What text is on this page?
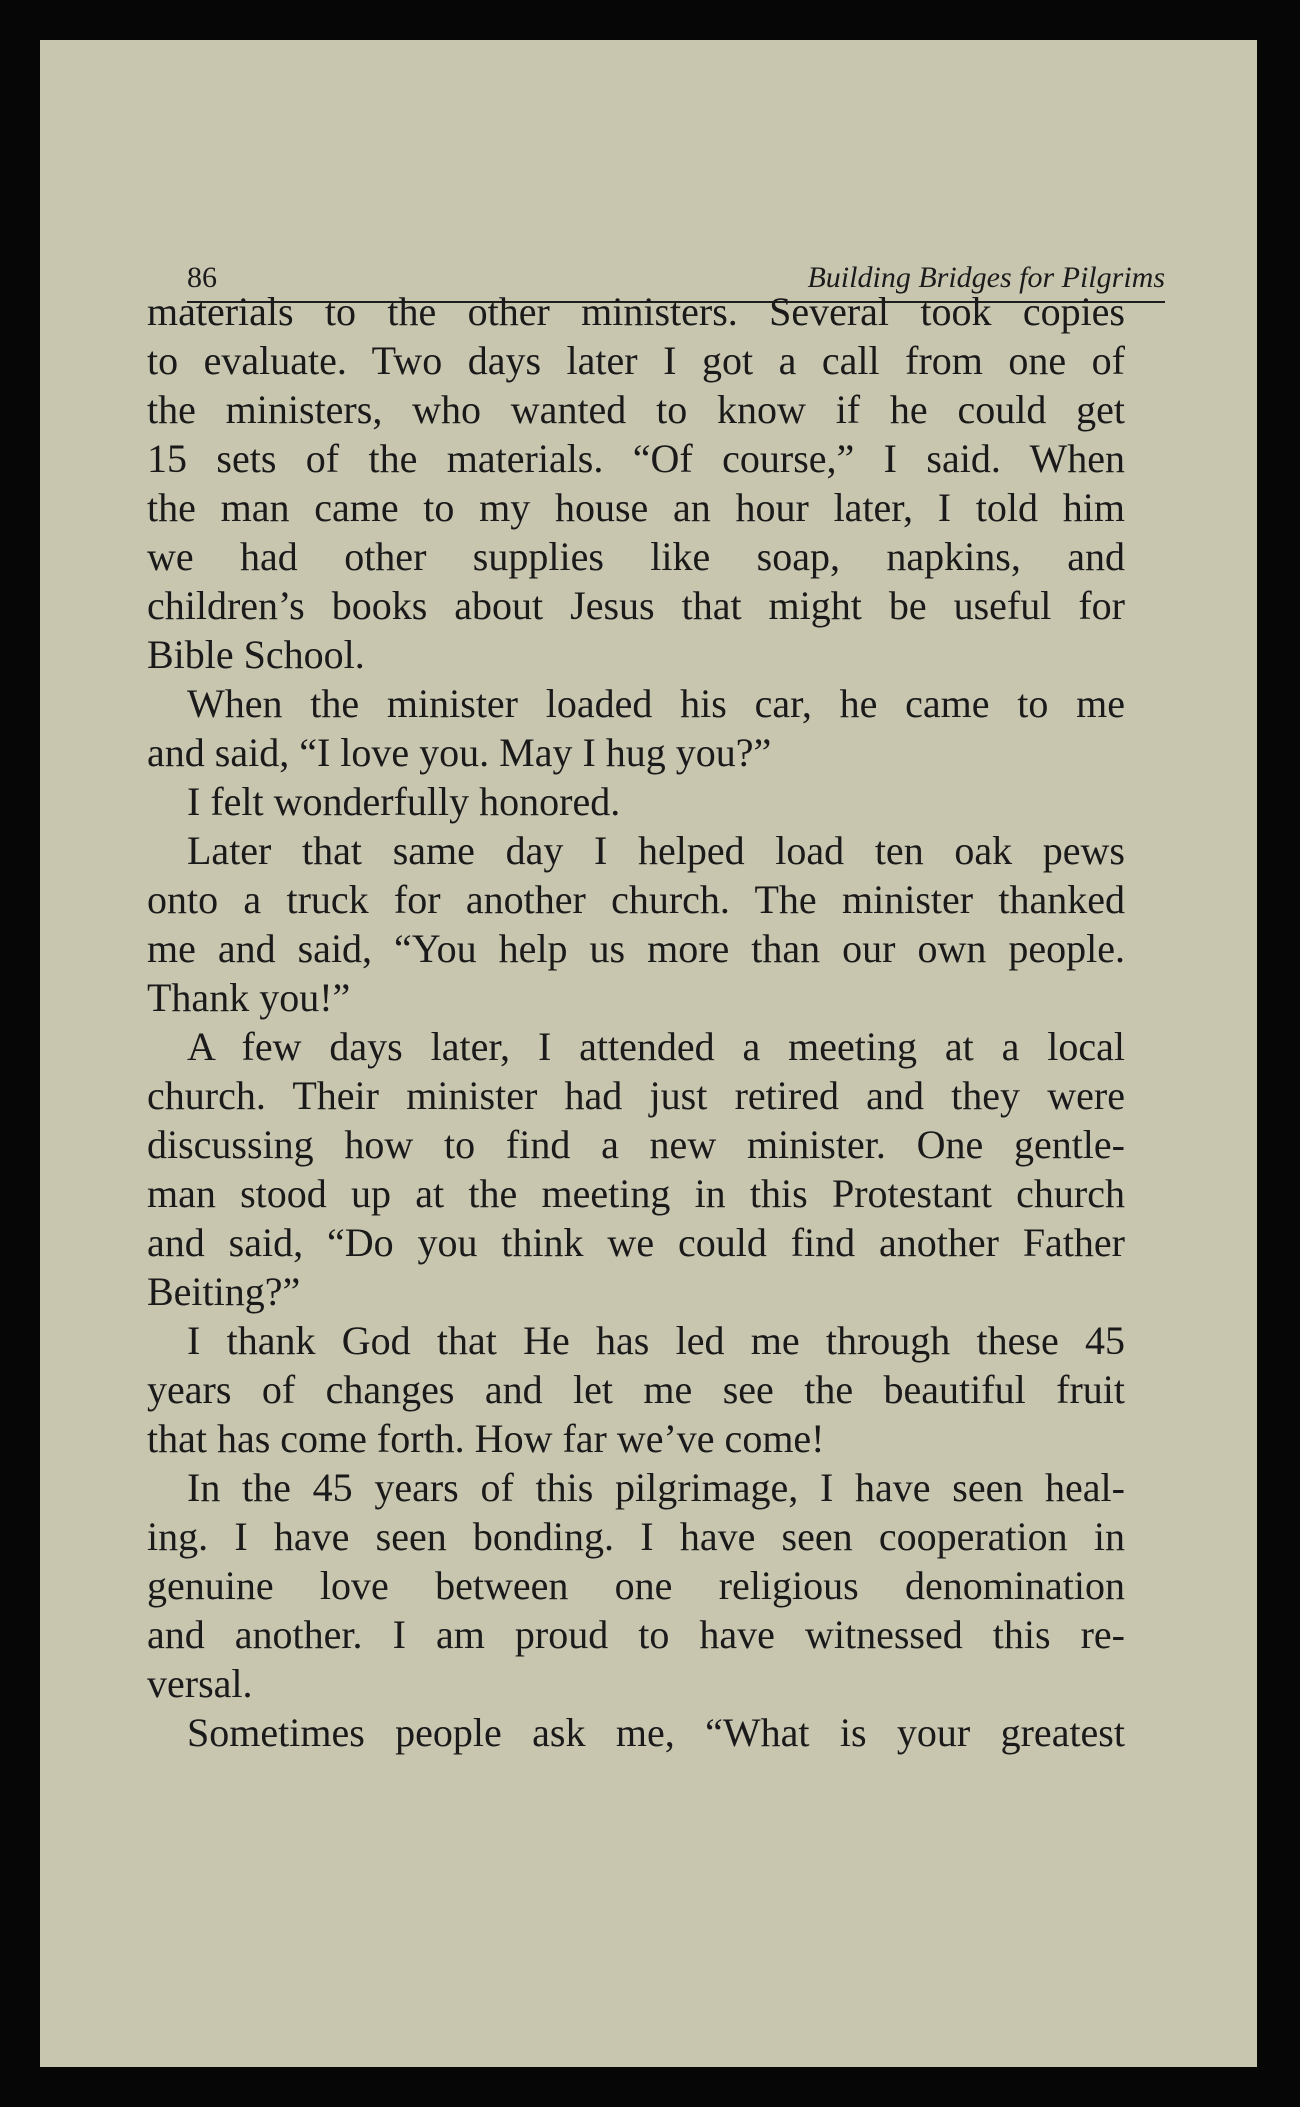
86	Building Bridges for Pilgrims
materials to the other ministers. Several took copies
to evaluate. Two days later I got a call from one of
the ministers, who wanted to know if he could get
15 sets of the materials. “Of course,” I said. When
the man came to my house an hour later, I told him
we had other supplies like soap, napkins, and
children’s books about Jesus that might be useful for
Bible School.
When the minister loaded his car, he came to me
and said, “I love you. May I hug you?”
I felt wonderfully honored.
Later that same day I helped load ten oak pews
onto a truck for another church. The minister thanked
me and said, “You help us more than our own people.
Thank you!”
A few days later, I attended a meeting at a local
church. Their minister had just retired and they were
discussing how to find a new minister. One gentle-
man stood up at the meeting in this Protestant church
and said, “Do you think we could find another Father
Beiting?”
I thank God that He has led me through these 45
years of changes and let me see the beautiful fruit
that has come forth. How far we’ve come!
In the 45 years of this pilgrimage, I have seen heal-
ing. I have seen bonding. I have seen cooperation in
genuine love between one religious denomination
and another. I am proud to have witnessed this re-
versal.
Sometimes people ask me, “What is your greatest
